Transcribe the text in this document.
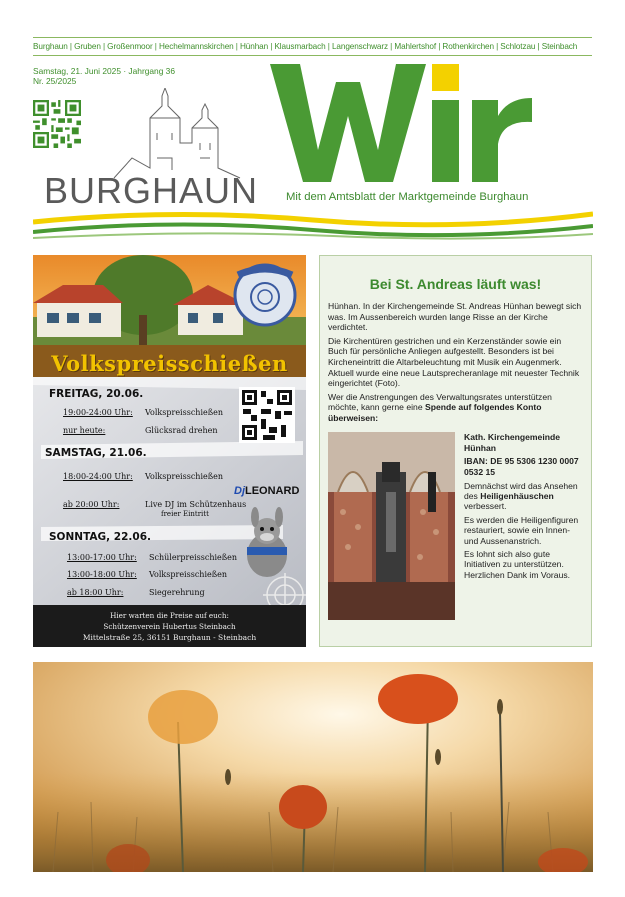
Burghaun | Gruben | Großenmoor | Hechelmannskirchen | Hünhan | Klausmarbach | Langenschwarz | Mahlertshof | Rothenkirchen | Schlotzau | Steinbach
Samstag, 21. Juni 2025 · Jahrgang 36
Nr. 25/2025
BURGHAUN Mit dem Amtsblatt der Marktgemeinde Burghaun
Volkspreisschießen
FREITAG, 20.06.
19:00-24:00 Uhr: Volkspreisschießen
nur heute:	Glücksrad drehen
SAMSTAG, 21.06.
18:00-24:00 Uhr: Volkspreisschießen
ab 20:00 Uhr:	Live DJ im Schützenhaus
freier Eintritt
DjLEONARD
SONNTAG, 22.06.
13:00-17:00 Uhr: Schülerpreisschießen
13:00-18:00 Uhr: Volkspreisschießen
ab 18:00 Uhr:	Siegerehrung
Hier warten die Preise auf euch:
Schützenverein Hubertus Steinbach
Mittelstraße 25, 36151 Burghaun - Steinbach
Bei St. Andreas läuft was!

Hünhan. In der Kirchengemeinde St. Andreas Hünhan bewegt sich was. Im Aussenbereich wurden lange Risse an der Kirche verdichtet.

Die Kirchentüren gestrichen und ein Kerzenständer sowie ein Buch für persönliche Anliegen aufgestellt. Besonders ist bei Kircheneintritt die Altarbeleuchtung mit Musik ein Augenmerk. Aktuell wurde eine neue Lautsprecheranlage mit neuester Technik eingerichtet (Foto).

Wer die Anstrengungen des Verwaltungsrates unterstützen möchte, kann gerne eine Spende auf folgendes Konto überweisen:

Kath. Kirchengemeinde Hünhan
IBAN: DE 95 5306 1230 0007 0532 15

Demnächst wird das Ansehen des Heiligenhäuschen verbessert.

Es werden die Heiligenfiguren restauriert, sowie ein Innen- und Aussenanstrich.

Es lohnt sich also gute Initiativen zu unterstützen. Herzlichen Dank im Voraus.
